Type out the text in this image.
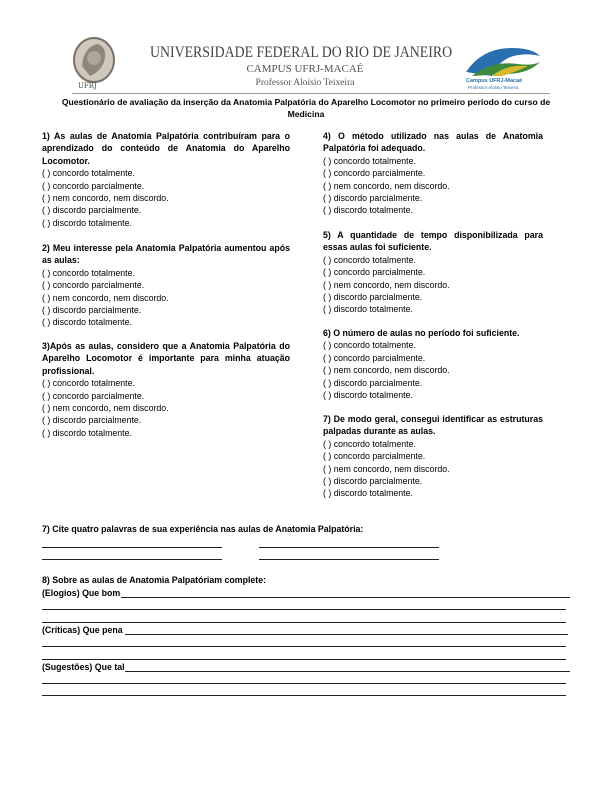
UFRJ
UNIVERSIDADE FEDERAL DO RIO DE JANEIRO
CAMPUS UFRJ-MACAÉ
Professor Aloísio Teixeira	Campus UFRJ-Macaé
Professor Aloísio Teixeira
Questionário de avaliação da inserção da Anatomia Palpatória do Aparelho Locomotor no primeiro período do curso de Medicina
1) As aulas de Anatomia Palpatória contribuíram para o aprendizado do conteúdo de Anatomia do Aparelho Locomotor.
( ) concordo totalmente.
( ) concordo parcialmente.
( ) nem concordo, nem discordo.
( ) discordo parcialmente.
( ) discordo totalmente.
2) Meu interesse pela Anatomia Palpatória aumentou após as aulas:
( ) concordo totalmente.
( ) concordo parcialmente.
( ) nem concordo, nem discordo.
( ) discordo parcialmente.
( ) discordo totalmente.
3)Após as aulas, considero que a Anatomia Palpatória do Aparelho Locomotor é importante para minha atuação profissional.
( ) concordo totalmente.
( ) concordo parcialmente.
( ) nem concordo, nem discordo.
( ) discordo parcialmente.
( ) discordo totalmente.
4) O método utilizado nas aulas de Anatomia Palpatória foi adequado.
( ) concordo totalmente.
( ) concordo parcialmente.
( ) nem concordo, nem discordo.
( ) discordo parcialmente.
( ) discordo totalmente.
5) A quantidade de tempo disponibilizada para essas aulas foi suficiente.
( ) concordo totalmente.
( ) concordo parcialmente.
( ) nem concordo, nem discordo.
( ) discordo parcialmente.
( ) discordo totalmente.
6) O número de aulas no período foi suficiente.
( ) concordo totalmente.
( ) concordo parcialmente.
( ) nem concordo, nem discordo.
( ) discordo parcialmente.
( ) discordo totalmente.
7) De modo geral, consegui identificar as estruturas palpadas durante as aulas.
( ) concordo totalmente.
( ) concordo parcialmente.
( ) nem concordo, nem discordo.
( ) discordo parcialmente.
( ) discordo totalmente.
7) Cite quatro palavras de sua experiência nas aulas de Anatomia Palpatória:
8) Sobre as aulas de Anatomia Palpatóriam complete:
(Elogios) Que bom
(Críticas) Que pena
(Sugestões) Que tal
